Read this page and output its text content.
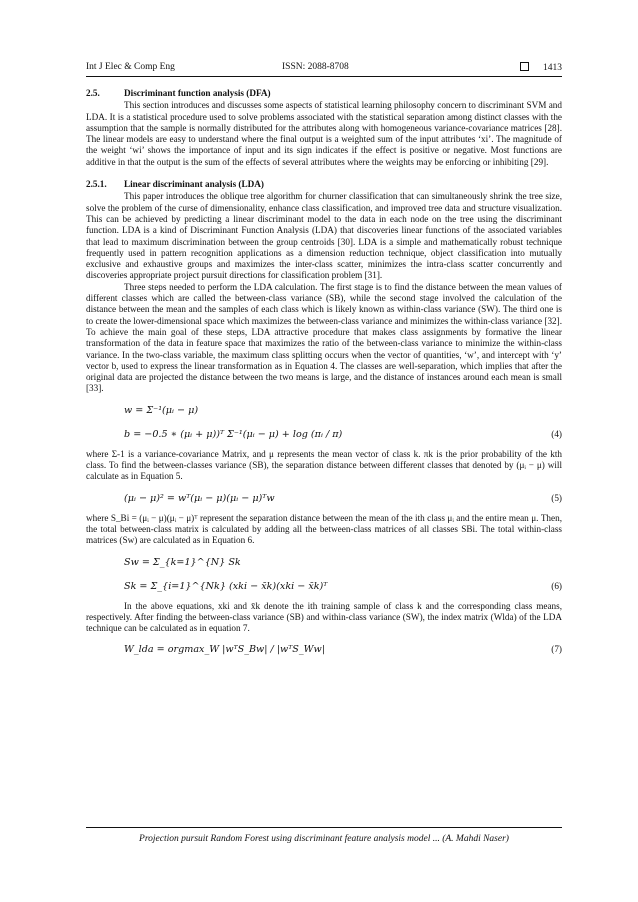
Int J Elec & Comp Eng	ISSN: 2088-8708	1413
2.5.	Discriminant function analysis (DFA)

This section introduces and discusses some aspects of statistical learning philosophy concern to discriminant SVM and LDA. It is a statistical procedure used to solve problems associated with the statistical separation among distinct classes with the assumption that the sample is normally distributed for the attributes along with homogeneous variance-covariance matrices [28]. The linear models are easy to understand where the final output is a weighted sum of the input attributes ‘xi’. The magnitude of the weight ‘wi’ shows the importance of input and its sign indicates if the effect is positive or negative. Most functions are additive in that the output is the sum of the effects of several attributes where the weights may be enforcing or inhibiting [29].

2.5.1. Linear discriminant analysis (LDA)

This paper introduces the oblique tree algorithm for churner classification that can simultaneously shrink the tree size, solve the problem of the curse of dimensionality, enhance class classification, and improved tree data and structure visualization. This can be achieved by predicting a linear discriminant model to the data in each node on the tree using the discriminant function. LDA is a kind of Discriminant Function Analysis (LDA) that discoveries linear functions of the associated variables that lead to maximum discrimination between the group centroids [30]. LDA is a simple and mathematically robust technique frequently used in pattern recognition applications as a dimension reduction technique, object classification into mutually exclusive and exhaustive groups and maximizes the inter-class scatter, minimizes the intra-class scatter concurrently and discoveries appropriate project pursuit directions for classification problem [31].

Three steps needed to perform the LDA calculation. The first stage is to find the distance between the mean values of different classes which are called the between-class variance (SB), while the second stage involved the calculation of the distance between the mean and the samples of each class which is likely known as within-class variance (SW). The third one is to create the lower-dimensional space which maximizes the between-class variance and minimizes the within-class variance [32]. To achieve the main goal of these steps, LDA attractive procedure that makes class assignments by formative the linear transformation of the data in feature space that maximizes the ratio of the between-class variance to minimize the within-class variance. In the two-class variable, the maximum class splitting occurs when the vector of quantities, ‘w’, and intercept with ‘y’ vector b, used to express the linear transformation as in Equation 4. The classes are well-separation, which implies that after the original data are projected the distance between the two means is large, and the distance of instances around each mean is small [33].

w = Σ⁻¹(μᵢ − μ)
b = −0.5 ∗ (μᵢ + μ))ᵀ Σ⁻¹(μᵢ − μ) + log (πᵢ / π)	(4)

where Σ-1 is a variance-covariance Matrix, and μ represents the mean vector of class k. πk is the prior probability of the kth class. To find the between-classes variance (SB), the separation distance between different classes that denoted by (μᵢ − μ) will calculate as in Equation 5.

(μᵢ − μ)² = wᵀ(μᵢ − μ)(μᵢ − μ)ᵀw	(5)

where S_Bi = (μᵢ − μ)(μᵢ − μ)ᵀ represent the separation distance between the mean of the ith class μᵢ and the entire mean μ. Then, the total between-class matrix is calculated by adding all the between-class matrices of all classes SBi. The total within-class matrices (Sw) are calculated as in Equation 6.

Sw = Σ_{k=1}^{N} Sk
Sk = Σ_{i=1}^{Nk} (xki − x̄k)(xki − x̄k)ᵀ	(6)

In the above equations, xki and x̄k denote the ith training sample of class k and the corresponding class means, respectively. After finding the between-class variance (SB) and within-class variance (SW), the index matrix (Wlda) of the LDA technique can be calculated as in equation 7.

W_lda = orgmax_W |wᵀS_Bw| / |wᵀS_Ww|	(7)
Projection pursuit Random Forest using discriminant feature analysis model ... (A. Mahdi Naser)
